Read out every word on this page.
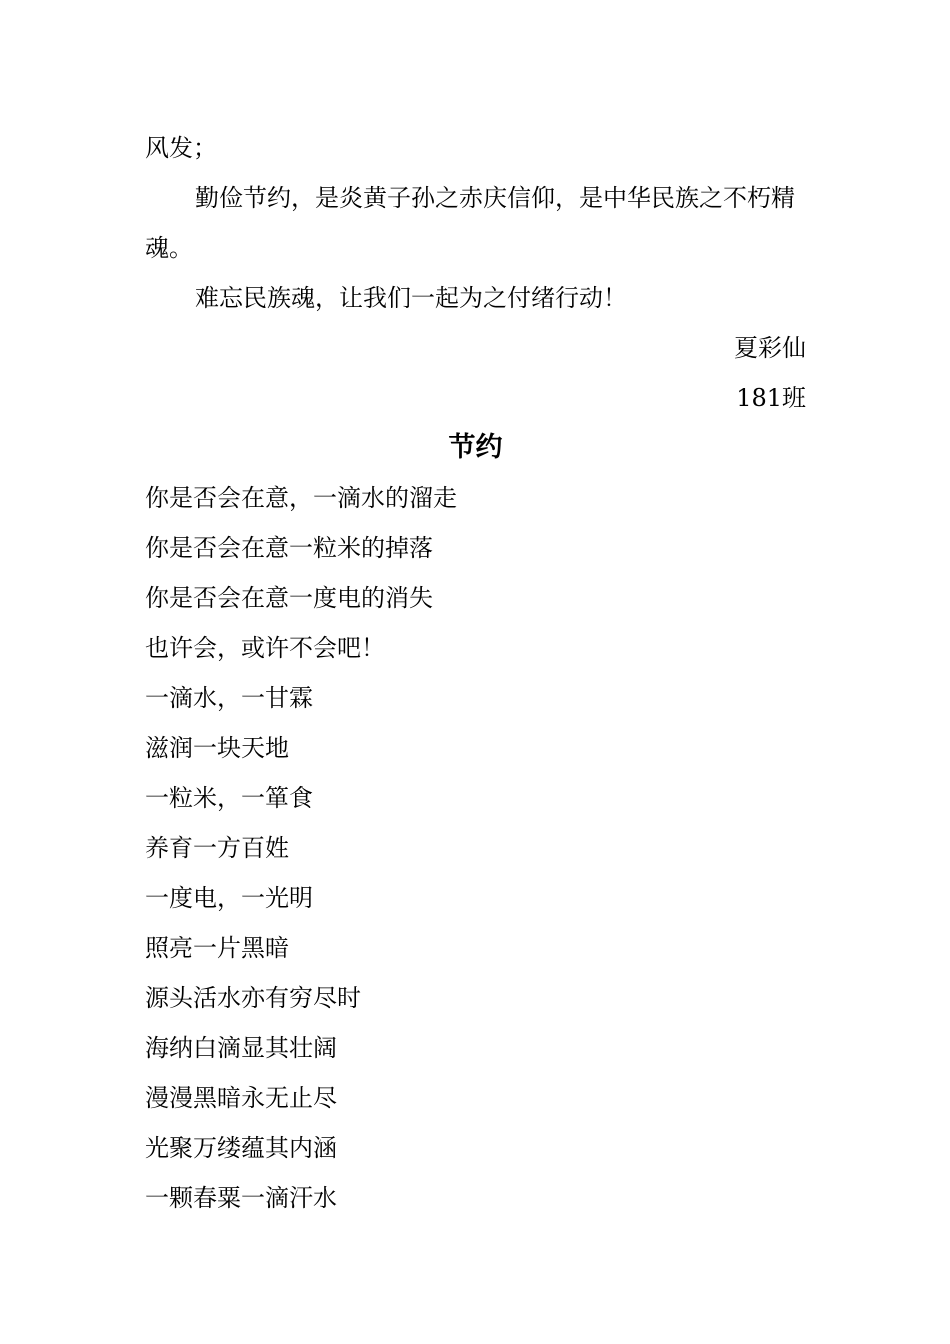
风发；
勤俭节约，是炎黄子孙之赤庆信仰，是中华民族之不朽精魂。
难忘民族魂，让我们一起为之付绪行动！
夏彩仙
181班
节约
你是否会在意，一滴水的溜走
你是否会在意一粒米的掉落
你是否会在意一度电的消失
也许会，或许不会吧！
一滴水，一甘霖
滋润一块天地
一粒米，一箪食
养育一方百姓
一度电，一光明
照亮一片黑暗
源头活水亦有穷尽时
海纳白滴显其壮阔
漫漫黑暗永无止尽
光聚万缕蕴其内涵
一颗春粟一滴汗水
